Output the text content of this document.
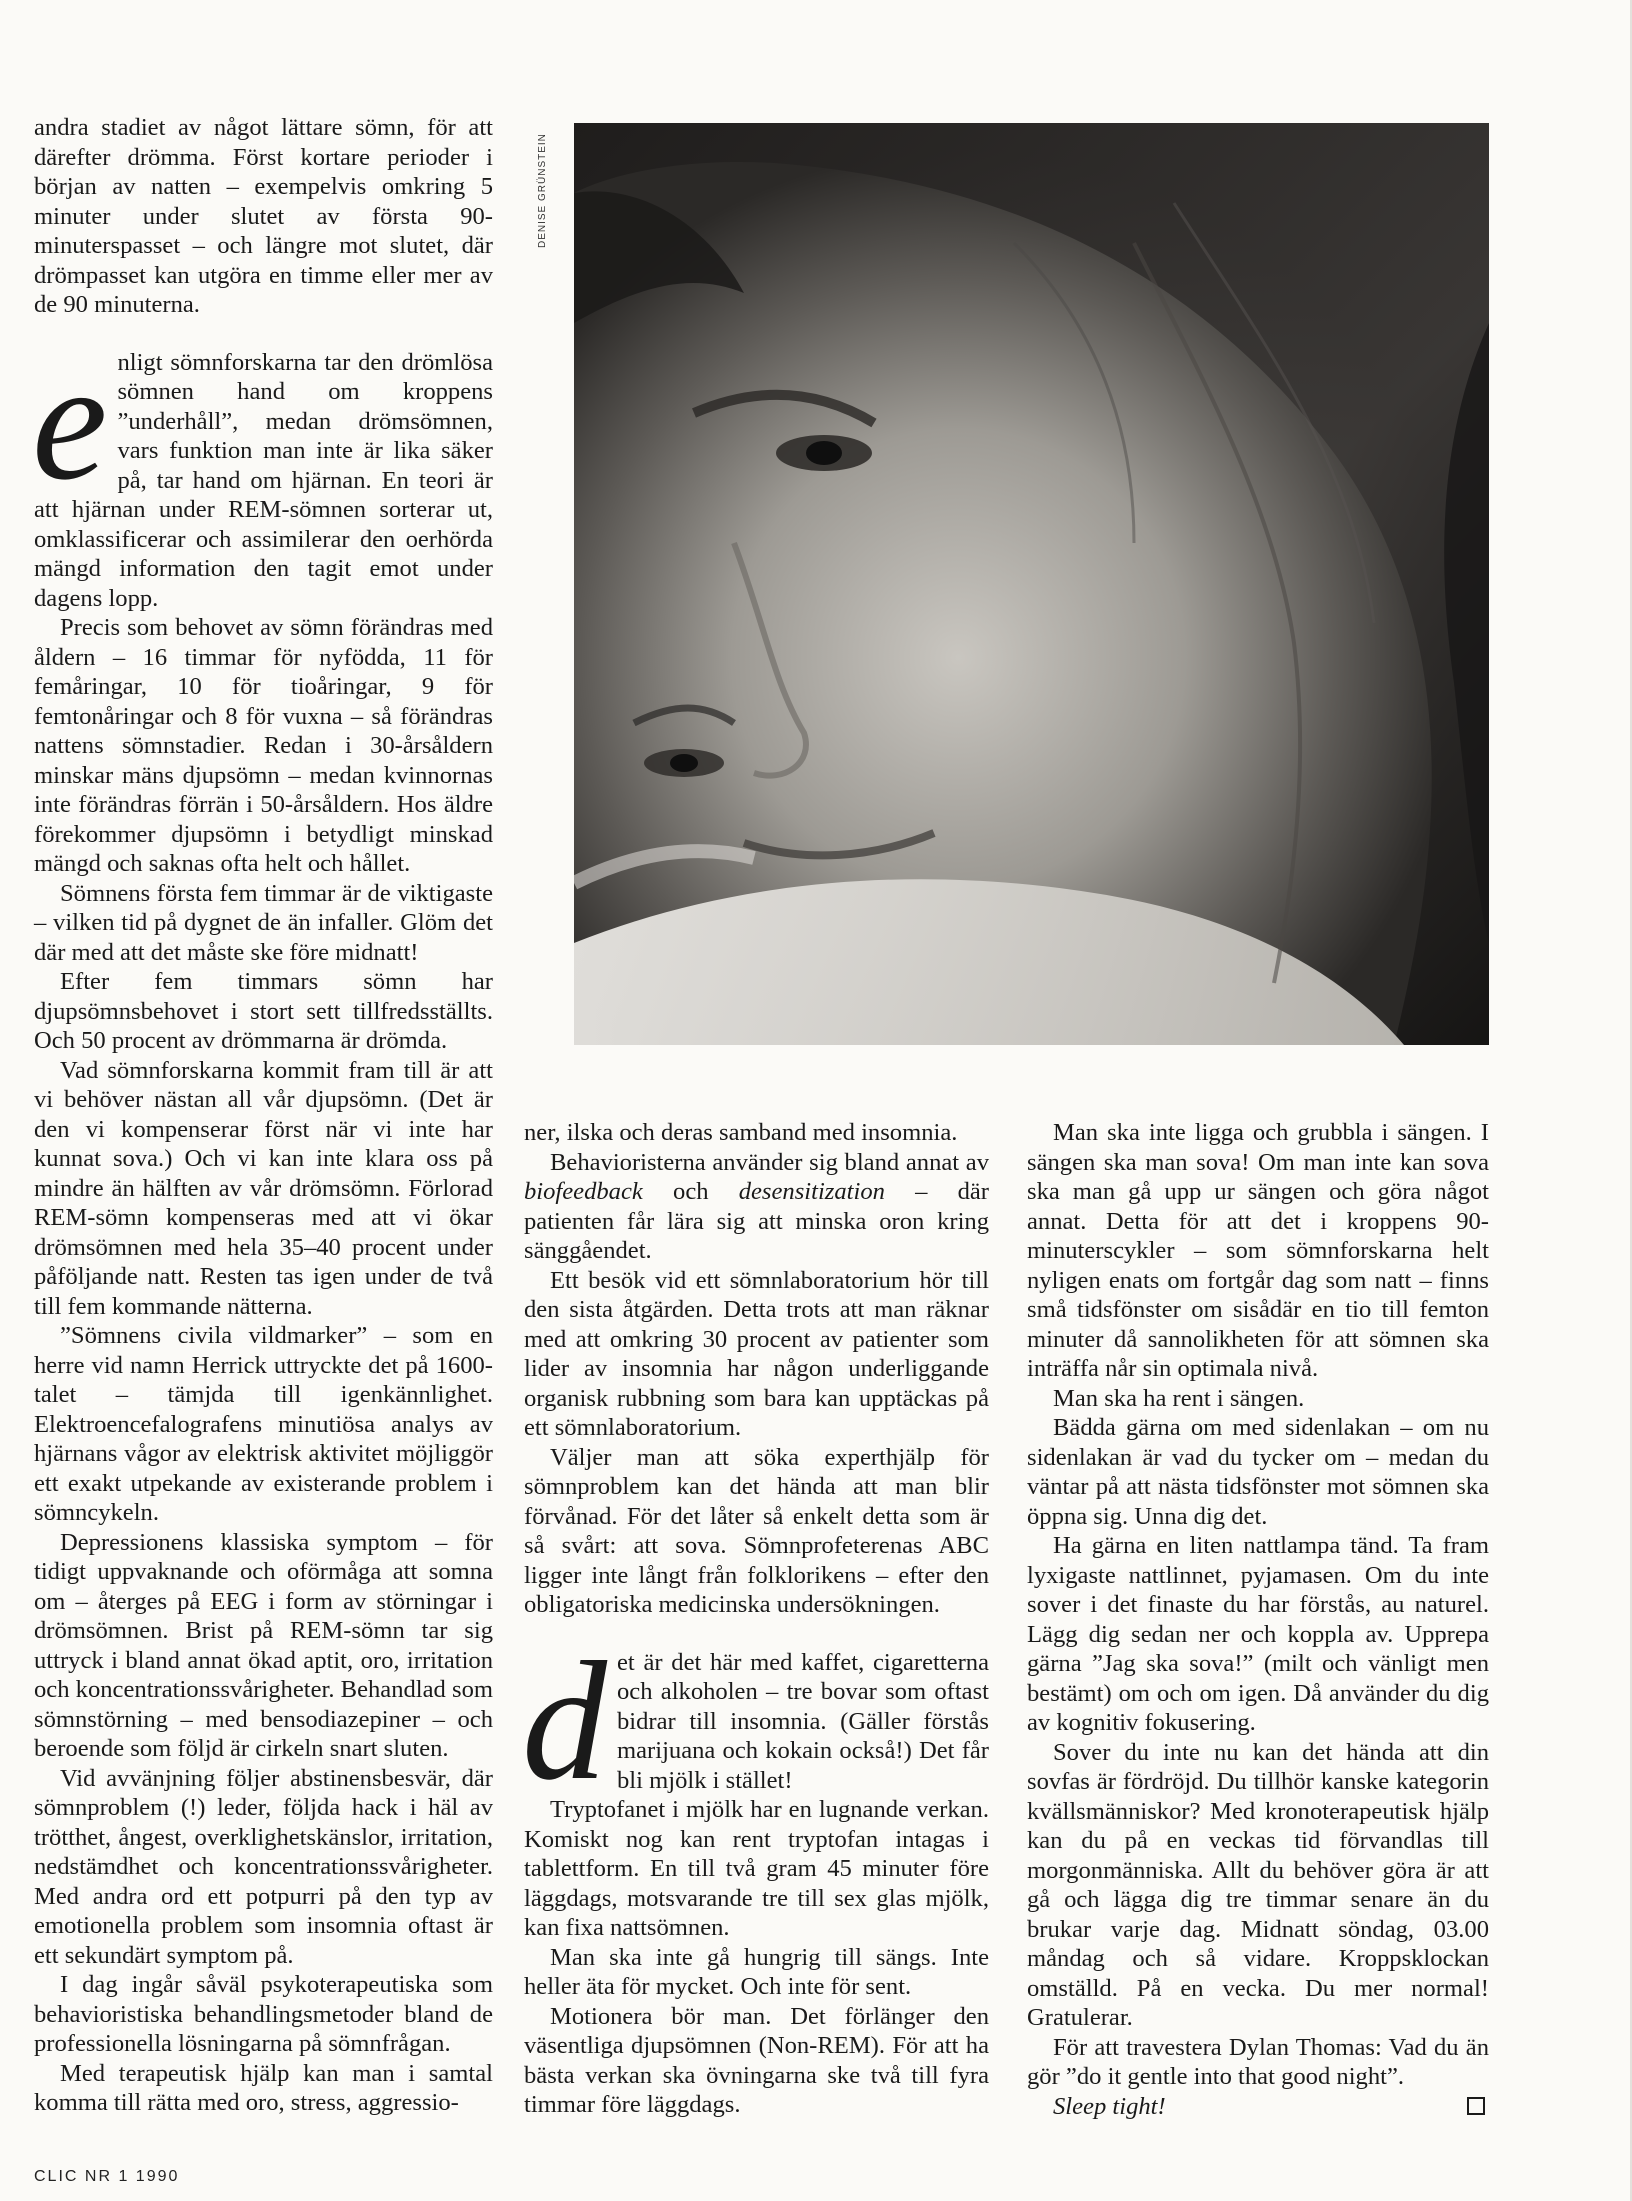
andra stadiet av något lättare sömn, för att därefter drömma. Först kortare perioder i början av natten – exempelvis omkring 5 minuter under slutet av första 90-minuterspasset – och längre mot slutet, där drömpasset kan utgöra en timme eller mer av de 90 minuterna.

enligt sömnforskarna tar den drömlösa sömnen hand om kroppens ”underhåll”, medan drömsömnen, vars funktion man inte är lika säker på, tar hand om hjärnan. En teori är att hjärnan under REM-sömnen sorterar ut, omklassificerar och assimilerar den oerhörda mängd information den tagit emot under dagens lopp.

Precis som behovet av sömn förändras med åldern – 16 timmar för nyfödda, 11 för femåringar, 10 för tioåringar, 9 för femtonåringar och 8 för vuxna – så förändras nattens sömnstadier. Redan i 30-årsåldern minskar mäns djupsömn – medan kvinnornas inte förändras förrän i 50-årsåldern. Hos äldre förekommer djupsömn i betydligt minskad mängd och saknas ofta helt och hållet.

Sömnens första fem timmar är de viktigaste – vilken tid på dygnet de än infaller. Glöm det där med att det måste ske före midnatt!

Efter fem timmars sömn har djupsömnsbehovet i stort sett tillfredsställts. Och 50 procent av drömmarna är drömda.

Vad sömnforskarna kommit fram till är att vi behöver nästan all vår djupsömn. (Det är den vi kompenserar först när vi inte har kunnat sova.) Och vi kan inte klara oss på mindre än hälften av vår drömsömn. Förlorad REM-sömn kompenseras med att vi ökar drömsömnen med hela 35–40 procent under påföljande natt. Resten tas igen under de två till fem kommande nätterna.

”Sömnens civila vildmarker” – som en herre vid namn Herrick uttryckte det på 1600-talet – tämjda till igenkännlighet. Elektroencefalografens minutiösa analys av hjärnans vågor av elektrisk aktivitet möjliggör ett exakt utpekande av existerande problem i sömncykeln.

Depressionens klassiska symptom – för tidigt uppvaknande och oförmåga att somna om – återges på EEG i form av störningar i drömsömnen. Brist på REM-sömn tar sig uttryck i bland annat ökad aptit, oro, irritation och koncentrationssvårigheter. Behandlad som sömnstörning – med bensodiazepiner – och beroende som följd är cirkeln snart sluten.

Vid avvänjning följer abstinensbesvär, där sömnproblem (!) leder, följda hack i häl av trötthet, ångest, overklighetskänslor, irritation, nedstämdhet och koncentrationssvårigheter. Med andra ord ett potpurri på den typ av emotionella problem som insomnia oftast är ett sekundärt symptom på.

I dag ingår såväl psykoterapeutiska som behavioristiska behandlingsmetoder bland de professionella lösningarna på sömnfrågan.

Med terapeutisk hjälp kan man i samtal komma till rätta med oro, stress, aggressio-

DENISE GRÜNSTEIN

ner, ilska och deras samband med insomnia.

Behavioristerna använder sig bland annat av biofeedback och desensitization – där patienten får lära sig att minska oron kring sänggåendet.

Ett besök vid ett sömnlaboratorium hör till den sista åtgärden. Detta trots att man räknar med att omkring 30 procent av patienter som lider av insomnia har någon underliggande organisk rubbning som bara kan upptäckas på ett sömnlaboratorium.

Väljer man att söka experthjälp för sömnproblem kan det hända att man blir förvånad. För det låter så enkelt detta som är så svårt: att sova. Sömnprofeterenas ABC ligger inte långt från folklorikens – efter den obligatoriska medicinska undersökningen.

det är det här med kaffet, cigaretterna och alkoholen – tre bovar som oftast bidrar till insomnia. (Gäller förstås marijuana och kokain också!) Det får bli mjölk i stället!

Tryptofanet i mjölk har en lugnande verkan. Komiskt nog kan rent tryptofan intagas i tablettform. En till två gram 45 minuter före läggdags, motsvarande tre till sex glas mjölk, kan fixa nattsömnen.

Man ska inte gå hungrig till sängs. Inte heller äta för mycket. Och inte för sent.

Motionera bör man. Det förlänger den väsentliga djupsömnen (Non-REM). För att ha bästa verkan ska övningarna ske två till fyra timmar före läggdags.

Man ska inte ligga och grubbla i sängen. I sängen ska man sova! Om man inte kan sova ska man gå upp ur sängen och göra något annat. Detta för att det i kroppens 90-minuterscykler – som sömnforskarna helt nyligen enats om fortgår dag som natt – finns små tidsfönster om sisådär en tio till femton minuter då sannolikheten för att sömnen ska inträffa når sin optimala nivå.

Man ska ha rent i sängen.

Bädda gärna om med sidenlakan – om nu sidenlakan är vad du tycker om – medan du väntar på att nästa tidsfönster mot sömnen ska öppna sig. Unna dig det.

Ha gärna en liten nattlampa tänd. Ta fram lyxigaste nattlinnet, pyjamasen. Om du inte sover i det finaste du har förstås, au naturel. Lägg dig sedan ner och koppla av. Upprepa gärna ”Jag ska sova!” (milt och vänligt men bestämt) om och om igen. Då använder du dig av kognitiv fokusering.

Sover du inte nu kan det hända att din sovfas är fördröjd. Du tillhör kanske kategorin kvällsmänniskor? Med kronoterapeutisk hjälp kan du på en veckas tid förvandlas till morgonmänniska. Allt du behöver göra är att gå och lägga dig tre timmar senare än du brukar varje dag. Midnatt söndag, 03.00 måndag och så vidare. Kroppsklockan omställd. På en vecka. Du mer normal! Gratulerar.

För att travestera Dylan Thomas: Vad du än gör ”do it gentle into that good night”.

Sleep tight!

CLIC NR 1 1990
